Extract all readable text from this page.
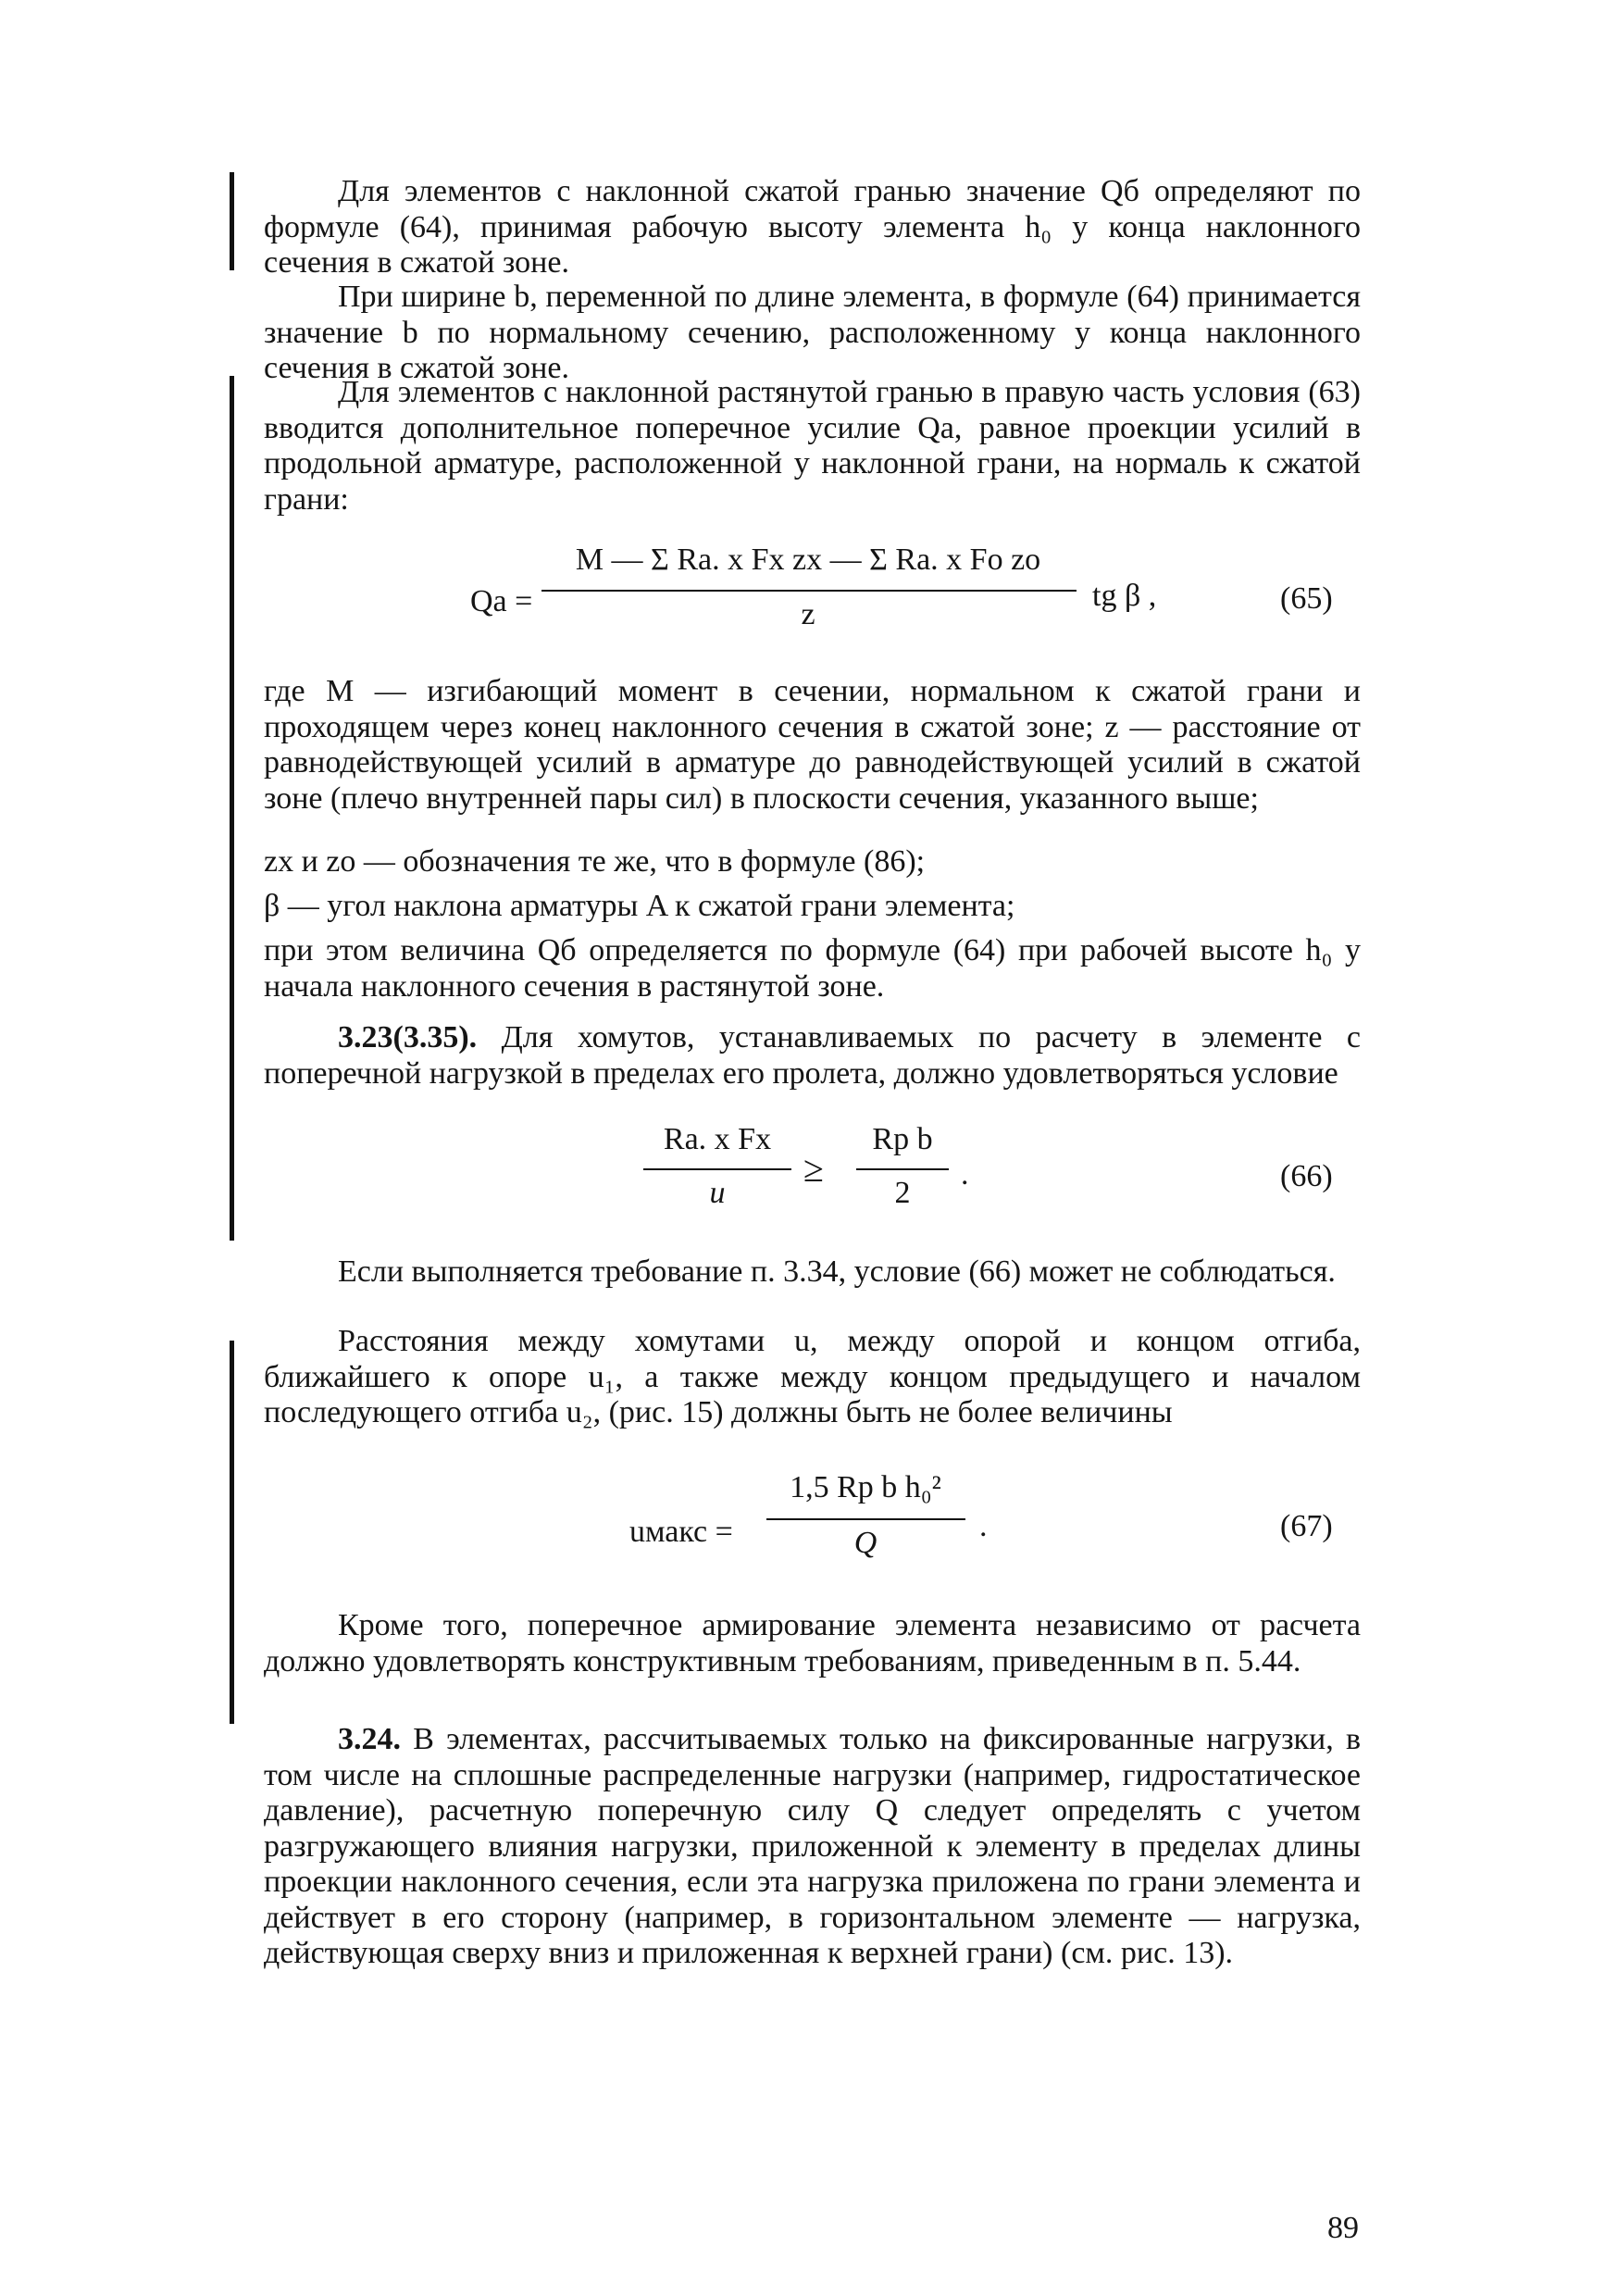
Для элементов с наклонной сжатой гранью значение Qб определяют по формуле (64), принимая рабочую высоту элемента h₀ у конца наклонного сечения в сжатой зоне.

При ширине b, переменной по длине элемента, в формуле (64) принимается значение b по нормальному сечению, расположенному у конца наклонного сечения в сжатой зоне.

Для элементов с наклонной растянутой гранью в правую часть условия (63) вводится дополнительное поперечное усилие Qа, равное проекции усилий в продольной арматуре, расположенной у наклонной грани, на нормаль к сжатой грани:

Qа =
M — Σ Rа. х Fх zх — Σ Rа. х Fо zо
z
tg β ,	(65)

где M — изгибающий момент в сечении, нормальном к сжатой грани и проходящем через конец наклонного сечения в сжатой зоне; z — расстояние от равнодействующей усилий в арматуре до равнодействующей усилий в сжатой зоне (плечо внутренней пары сил) в плоскости сечения, указанного выше;

zх и zо — обозначения те же, что в формуле (86);

β — угол наклона арматуры A к сжатой грани элемента;

при этом величина Qб определяется по формуле (64) при рабочей высоте h₀ у начала наклонного сечения в растянутой зоне.

3.23(3.35). Для хомутов, устанавливаемых по расчету в элементе с поперечной нагрузкой в пределах его пролета, должно удовлетворяться условие

Rа. х Fх
u
≥
Rр b
2
.	(66)

Если выполняется требование п. 3.34, условие (66) может не соблюдаться.

Расстояния между хомутами u, между опорой и концом отгиба, ближайшего к опоре u₁, а также между концом предыдущего и началом последующего отгиба u₂, (рис. 15) должны быть не более величины

uмакс =
1,5 Rр b h₀²
Q	.	(67)

Кроме того, поперечное армирование элемента независимо от расчета должно удовлетворять конструктивным требованиям, приведенным в п. 5.44.

3.24. В элементах, рассчитываемых только на фиксированные нагрузки, в том числе на сплошные распределенные нагрузки (например, гидростатическое давление), расчетную поперечную силу Q следует определять с учетом разгружающего влияния нагрузки, приложенной к элементу в пределах длины проекции наклонного сечения, если эта нагрузка приложена по грани элемента и действует в его сторону (например, в горизонтальном элементе — нагрузка, действующая сверху вниз и приложенная к верхней грани) (см. рис. 13).

89
